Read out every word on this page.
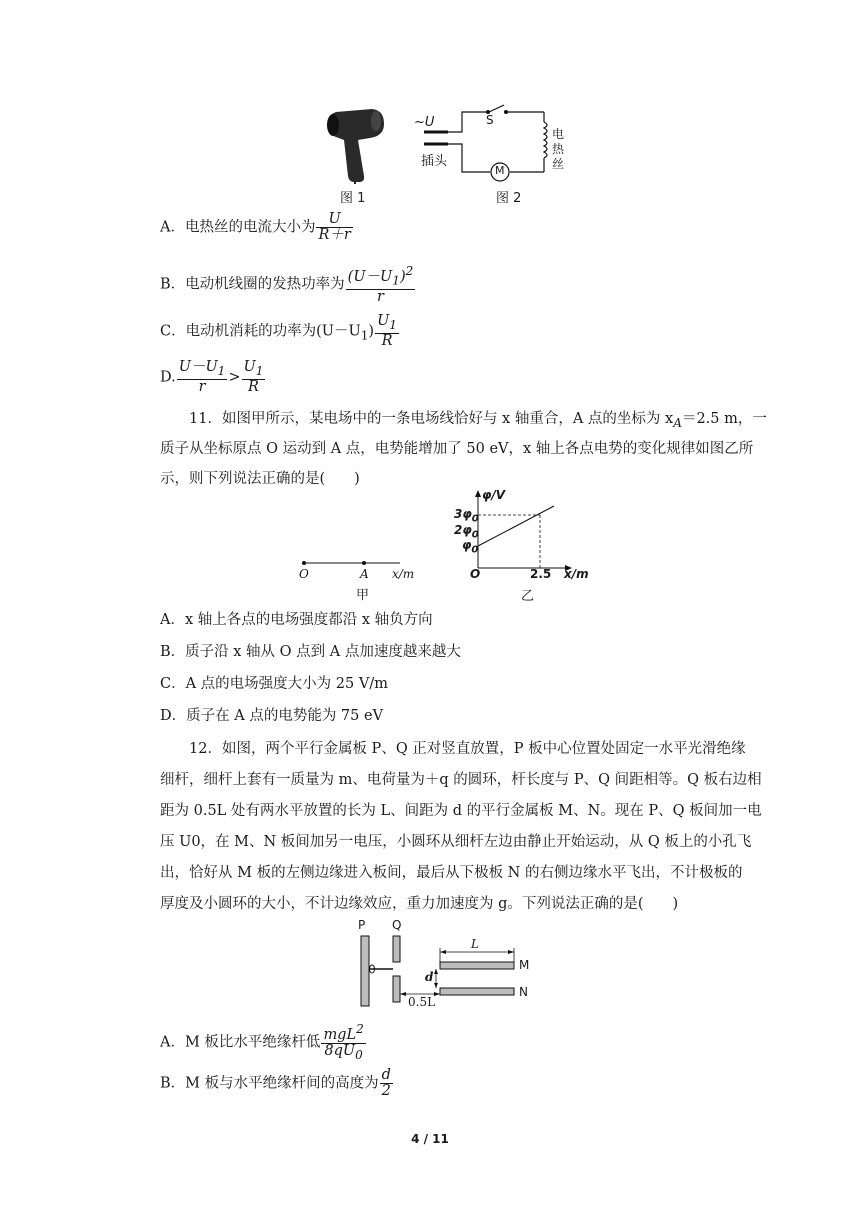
图 1
~U
插头
S
M
电
热
丝
图 2
A．电热丝的电流大小为 $\frac{U}{R+r}$
B．电动机线圈的发热功率为 $\frac{(U-U_1)^2}{r}$
C．电动机消耗的功率为$(U-U_1) \frac{U_1}{R}$
D. $\frac{U-U_1}{r} > \frac{U_1}{R}$
11．如图甲所示，某电场中的一条电场线恰好与 x 轴重合，A 点的坐标为 $x_A=2.5$ m，一
质子从坐标原点 O 运动到 A 点，电势能增加了 50 eV，x 轴上各点电势的变化规律如图乙所
示，则下列说法正确的是(　　)
O	A x/m
甲
φ/V
$3\varphi_0$
$2\varphi_0$
$\varphi_0$
O	2.5 x/m
乙
A．x 轴上各点的电场强度都沿 x 轴负方向
B．质子沿 x 轴从 O 点到 A 点加速度越来越大
C．A 点的电场强度大小为 25 V/m
D．质子在 A 点的电势能为 75 eV
12．如图，两个平行金属板 P、Q 正对竖直放置，P 板中心位置处固定一水平光滑绝缘
细杆，细杆上套有一质量为 m、电荷量为＋q 的圆环，杆长度与 P、Q 间距相等。Q 板右边相
距为 0.5L 处有两水平放置的长为 L、间距为 d 的平行金属板 M、N。现在 P、Q 板间加一电
压 U0，在 M、N 板间加另一电压，小圆环从细杆左边由静止开始运动，从 Q 板上的小孔飞
出，恰好从 M 板的左侧边缘进入板间，最后从下极板 N 的右侧边缘水平飞出，不计极板的
厚度及小圆环的大小，不计边缘效应，重力加速度为 g。下列说法正确的是(　　)
P Q
L
M
N
d
0.5L
A．M 板比水平绝缘杆低 $\frac{mgL^2}{8qU_0}$
B．M 板与水平绝缘杆间的高度为 $\frac{d}{2}$
4 / 11
